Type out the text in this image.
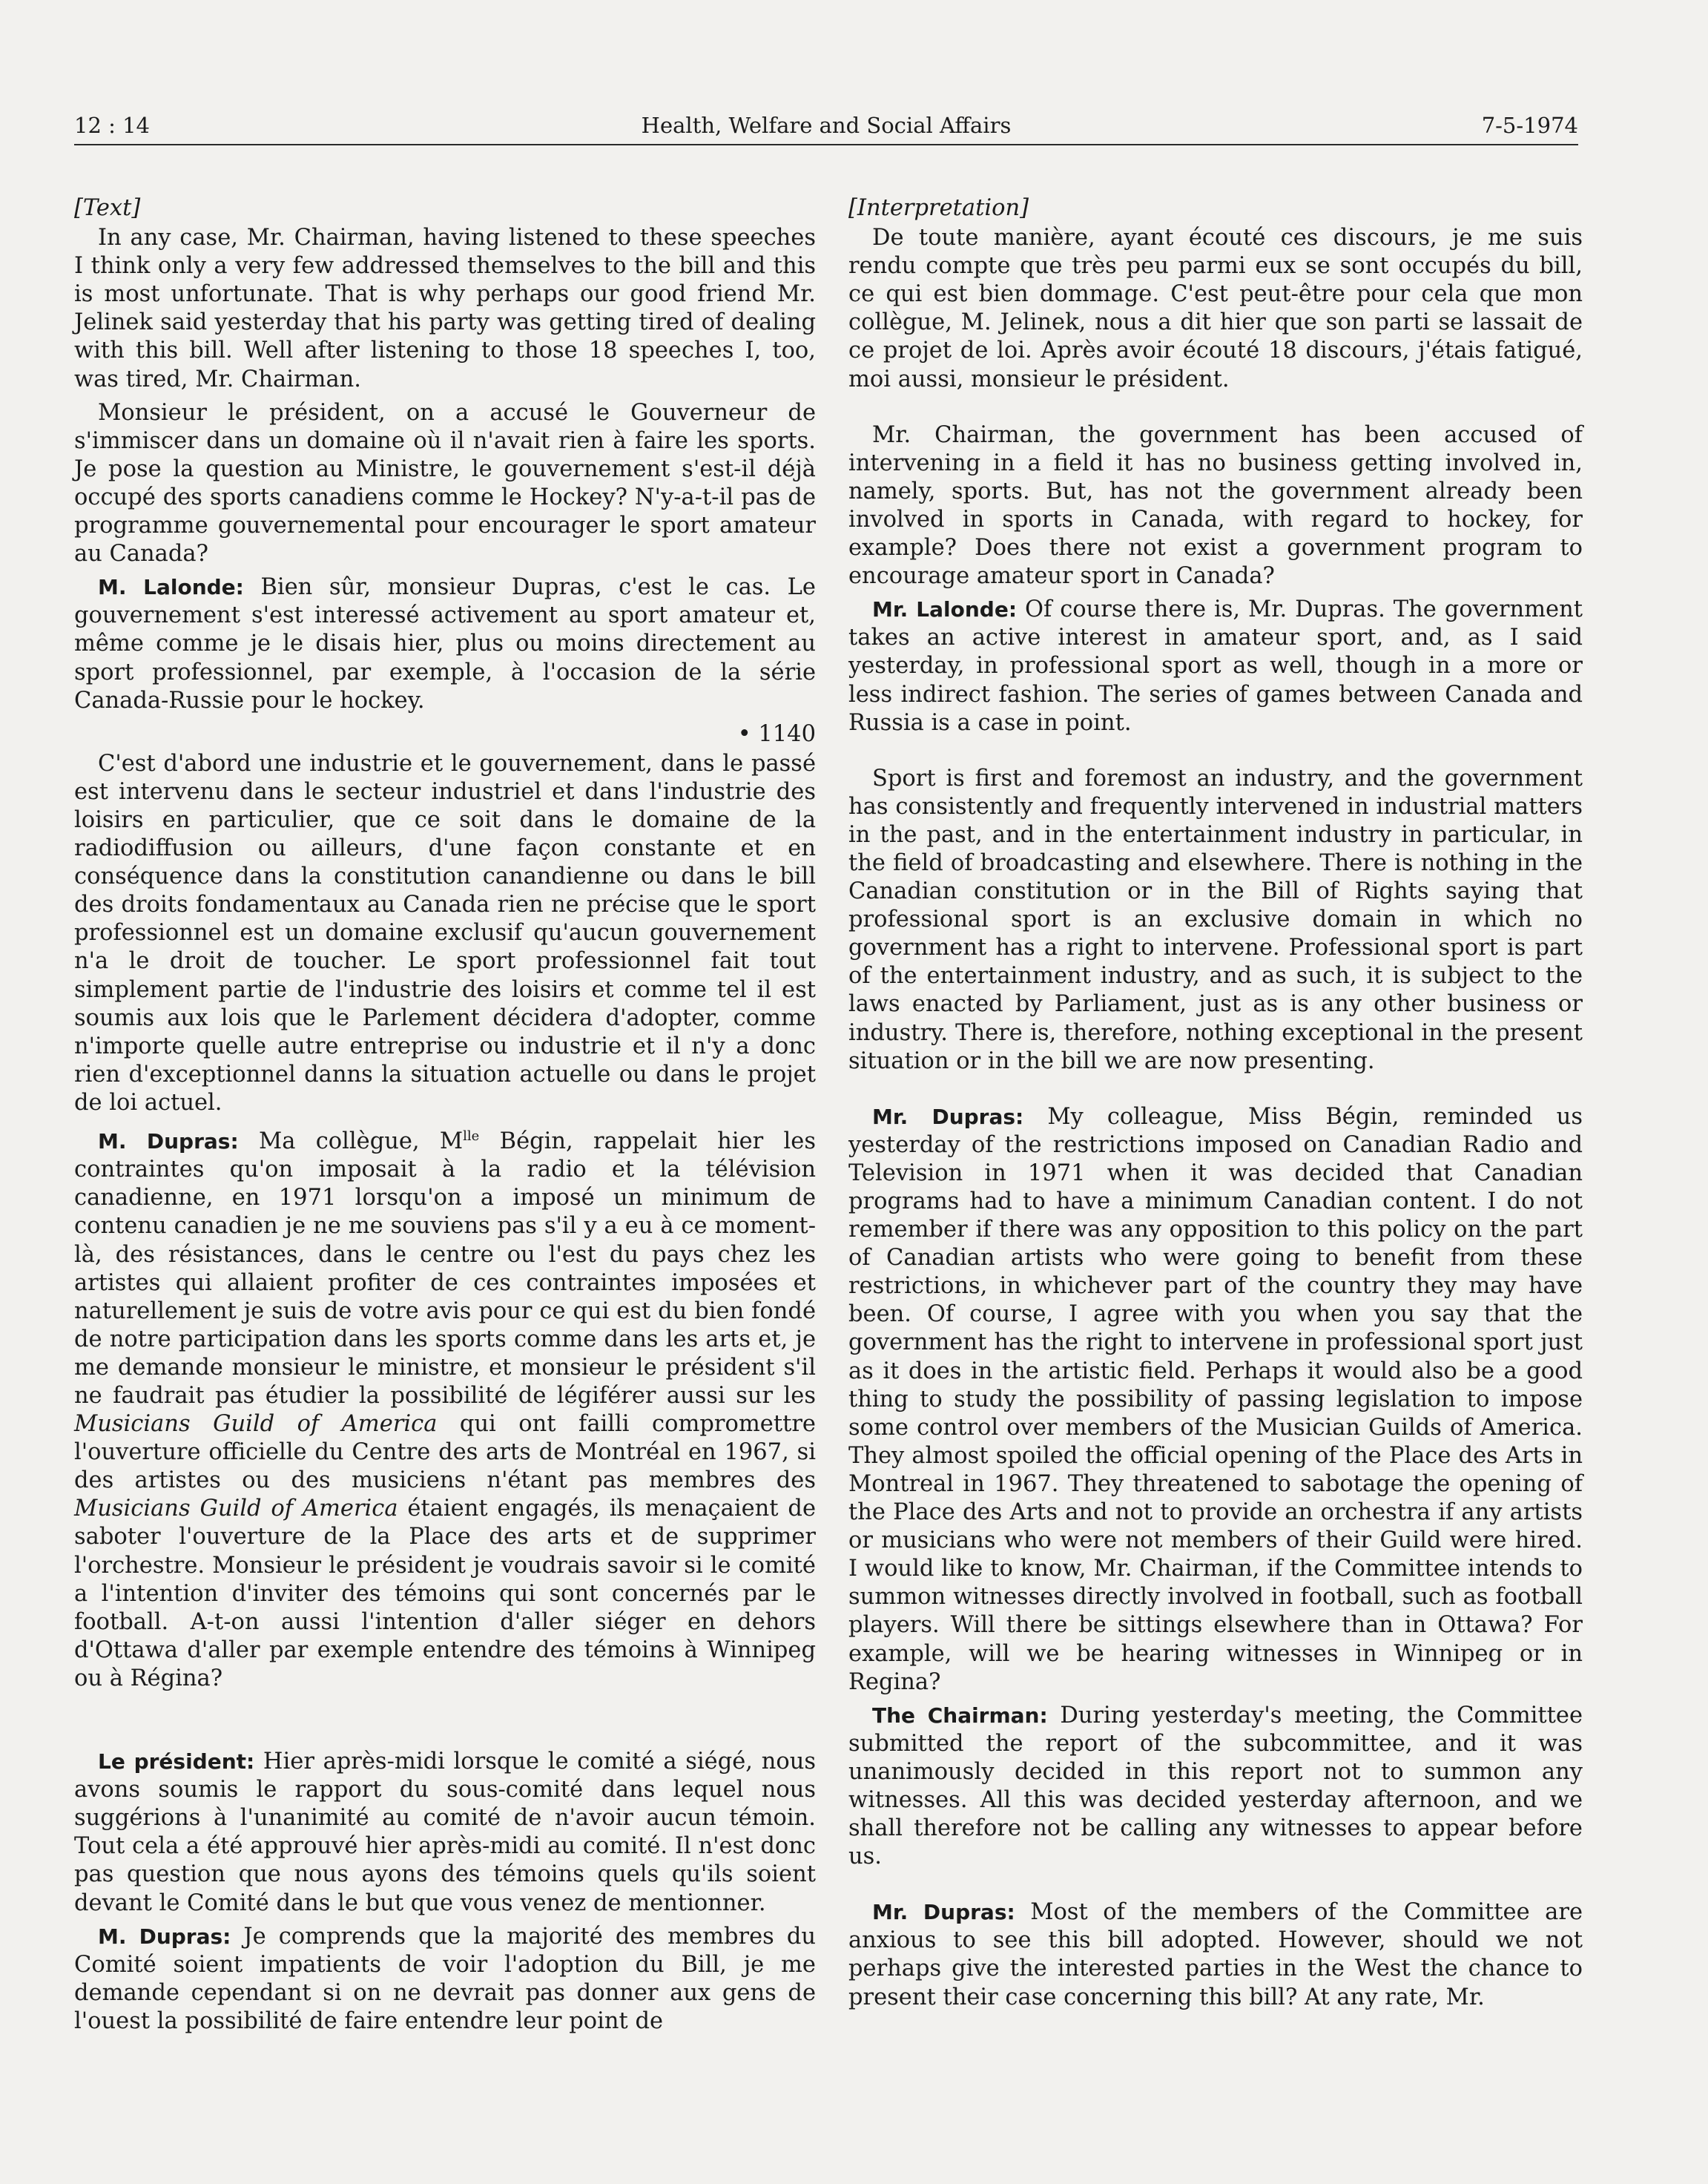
12 : 14	Health, Welfare and Social Affairs	7-5-1974

[Text]

In any case, Mr. Chairman, having listened to these speeches I think only a very few addressed themselves to the bill and this is most unfortunate. That is why perhaps our good friend Mr. Jelinek said yesterday that his party was getting tired of dealing with this bill. Well after listening to those 18 speeches I, too, was tired, Mr. Chairman.

Monsieur le président, on a accusé le Gouverneur de s'immiscer dans un domaine où il n'avait rien à faire les sports. Je pose la question au Ministre, le gouvernement s'est-il déjà occupé des sports canadiens comme le Hockey? N'y-a-t-il pas de programme gouvernemental pour encourager le sport amateur au Canada?

M. Lalonde: Bien sûr, monsieur Dupras, c'est le cas. Le gouvernement s'est interessé activement au sport amateur et, même comme je le disais hier, plus ou moins directement au sport professionnel, par exemple, à l'occasion de la série Canada-Russie pour le hockey.

• 1140

C'est d'abord une industrie et le gouvernement, dans le passé est intervenu dans le secteur industriel et dans l'industrie des loisirs en particulier, que ce soit dans le domaine de la radiodiffusion ou ailleurs, d'une façon constante et en conséquence dans la constitution canandienne ou dans le bill des droits fondamentaux au Canada rien ne précise que le sport professionnel est un domaine exclusif qu'aucun gouvernement n'a le droit de toucher. Le sport professionnel fait tout simplement partie de l'industrie des loisirs et comme tel il est soumis aux lois que le Parlement décidera d'adopter, comme n'importe quelle autre entreprise ou industrie et il n'y a donc rien d'exceptionnel danns la situation actuelle ou dans le projet de loi actuel.

M. Dupras: Ma collègue, $M^{lle}$ Bégin, rappelait hier les contraintes qu'on imposait à la radio et la télévision canadienne, en 1971 lorsqu'on a imposé un minimum de contenu canadien je ne me souviens pas s'il y a eu à ce moment-là, des résistances, dans le centre ou l'est du pays chez les artistes qui allaient profiter de ces contraintes imposées et naturellement je suis de votre avis pour ce qui est du bien fondé de notre participation dans les sports comme dans les arts et, je me demande monsieur le ministre, et monsieur le président s'il ne faudrait pas étudier la possibilité de légiférer aussi sur les Musicians Guild of America qui ont failli compromettre l'ouverture officielle du Centre des arts de Montréal en 1967, si des artistes ou des musiciens n'étant pas membres des Musicians Guild of America étaient engagés, ils menaçaient de saboter l'ouverture de la Place des arts et de supprimer l'orchestre. Monsieur le président je voudrais savoir si le comité a l'intention d'inviter des témoins qui sont concernés par le football. A-t-on aussi l'intention d'aller siéger en dehors d'Ottawa d'aller par exemple entendre des témoins à Winnipeg ou à Régina?

Le président: Hier après-midi lorsque le comité a siégé, nous avons soumis le rapport du sous-comité dans lequel nous suggérions à l'unanimité au comité de n'avoir aucun témoin. Tout cela a été approuvé hier après-midi au comité. Il n'est donc pas question que nous ayons des témoins quels qu'ils soient devant le Comité dans le but que vous venez de mentionner.

M. Dupras: Je comprends que la majorité des membres du Comité soient impatients de voir l'adoption du Bill, je me demande cependant si on ne devrait pas donner aux gens de l'ouest la possibilité de faire entendre leur point de

[Interpretation]

De toute manière, ayant écouté ces discours, je me suis rendu compte que très peu parmi eux se sont occupés du bill, ce qui est bien dommage. C'est peut-être pour cela que mon collègue, M. Jelinek, nous a dit hier que son parti se lassait de ce projet de loi. Après avoir écouté 18 discours, j'étais fatigué, moi aussi, monsieur le président.

Mr. Chairman, the government has been accused of intervening in a field it has no business getting involved in, namely, sports. But, has not the government already been involved in sports in Canada, with regard to hockey, for example? Does there not exist a government program to encourage amateur sport in Canada?

Mr. Lalonde: Of course there is, Mr. Dupras. The government takes an active interest in amateur sport, and, as I said yesterday, in professional sport as well, though in a more or less indirect fashion. The series of games between Canada and Russia is a case in point.

Sport is first and foremost an industry, and the government has consistently and frequently intervened in industrial matters in the past, and in the entertainment industry in particular, in the field of broadcasting and elsewhere. There is nothing in the Canadian constitution or in the Bill of Rights saying that professional sport is an exclusive domain in which no government has a right to intervene. Professional sport is part of the entertainment industry, and as such, it is subject to the laws enacted by Parliament, just as is any other business or industry. There is, therefore, nothing exceptional in the present situation or in the bill we are now presenting.

Mr. Dupras: My colleague, Miss Bégin, reminded us yesterday of the restrictions imposed on Canadian Radio and Television in 1971 when it was decided that Canadian programs had to have a minimum Canadian content. I do not remember if there was any opposition to this policy on the part of Canadian artists who were going to benefit from these restrictions, in whichever part of the country they may have been. Of course, I agree with you when you say that the government has the right to intervene in professional sport just as it does in the artistic field. Perhaps it would also be a good thing to study the possibility of passing legislation to impose some control over members of the Musician Guilds of America. They almost spoiled the official opening of the Place des Arts in Montreal in 1967. They threatened to sabotage the opening of the Place des Arts and not to provide an orchestra if any artists or musicians who were not members of their Guild were hired. I would like to know, Mr. Chairman, if the Committee intends to summon witnesses directly involved in football, such as football players. Will there be sittings elsewhere than in Ottawa? For example, will we be hearing witnesses in Winnipeg or in Regina?

The Chairman: During yesterday's meeting, the Committee submitted the report of the subcommittee, and it was unanimously decided in this report not to summon any witnesses. All this was decided yesterday afternoon, and we shall therefore not be calling any witnesses to appear before us.

Mr. Dupras: Most of the members of the Committee are anxious to see this bill adopted. However, should we not perhaps give the interested parties in the West the chance to present their case concerning this bill? At any rate, Mr.
